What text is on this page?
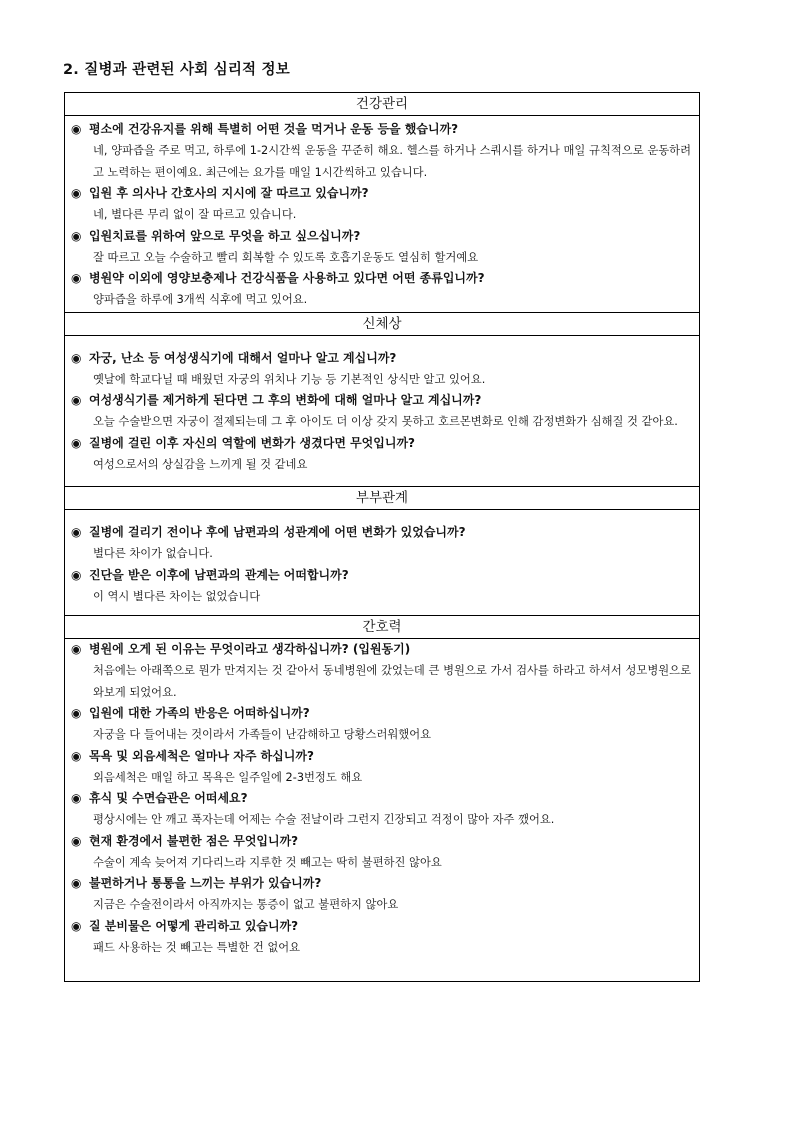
2. 질병과 관련된 사회 심리적 정보
건강관리

◉ 평소에 건강유지를 위해 특별히 어떤 것을 먹거나 운동 등을 했습니까?
네, 양파즙을 주로 먹고, 하루에 1-2시간씩 운동을 꾸준히 해요. 헬스를 하거나 스쿼시를 하거나 매일 규칙적으로 운동하려고 노력하는 편이예요. 최근에는 요가를 매일 1시간씩하고 있습니다.
◉ 입원 후 의사나 간호사의 지시에 잘 따르고 있습니까?
네, 별다른 무리 없이 잘 따르고 있습니다.
◉ 입원치료를 위하여 앞으로 무엇을 하고 싶으십니까?
잘 따르고 오늘 수술하고 빨리 회복할 수 있도록 호흡기운동도 열심히 할거예요
◉ 병원약 이외에 영양보충제나 건강식품을 사용하고 있다면 어떤 종류입니까?
양파즙을 하루에 3개씩 식후에 먹고 있어요.

신체상

◉ 자궁, 난소 등 여성생식기에 대해서 얼마나 알고 계십니까?
옛날에 학교다닐 때 배웠던 자궁의 위치나 기능 등 기본적인 상식만 알고 있어요.
◉ 여성생식기를 제거하게 된다면 그 후의 변화에 대해 얼마나 알고 계십니까?
오늘 수술받으면 자궁이 절제되는데 그 후 아이도 더 이상 갖지 못하고 호르몬변화로 인해 감정변화가 심해질 것 같아요.
◉ 질병에 걸린 이후 자신의 역할에 변화가 생겼다면 무엇입니까?
여성으로서의 상실감을 느끼게 될 것 같네요

부부관계

◉ 질병에 걸리기 전이나 후에 남편과의 성관계에 어떤 변화가 있었습니까?
별다른 차이가 없습니다.
◉ 진단을 받은 이후에 남편과의 관계는 어떠합니까?
이 역시 별다른 차이는 없었습니다

간호력

◉ 병원에 오게 된 이유는 무엇이라고 생각하십니까? (입원동기)
처음에는 아래쪽으로 뭔가 만져지는 것 같아서 동네병원에 갔었는데 큰 병원으로 가서 검사를 하라고 하셔서 성모병원으로 와보게 되었어요.
◉ 입원에 대한 가족의 반응은 어떠하십니까?
자궁을 다 들어내는 것이라서 가족들이 난감해하고 당황스러워했어요
◉ 목욕 및 외음세척은 얼마나 자주 하십니까?
외음세척은 매일 하고 목욕은 일주일에 2-3번정도 해요
◉ 휴식 및 수면습관은 어떠세요?
평상시에는 안 깨고 푹자는데 어제는 수술 전날이라 그런지 긴장되고 걱정이 많아 자주 깼어요.
◉ 현재 환경에서 불편한 점은 무엇입니까?
수술이 계속 늦어져 기다리느라 지루한 것 빼고는 딱히 불편하진 않아요
◉ 불편하거나 통통을 느끼는 부위가 있습니까?
지금은 수술전이라서 아직까지는 통증이 없고 불편하지 않아요
◉ 질 분비물은 어떻게 관리하고 있습니까?
패드 사용하는 것 빼고는 특별한 건 없어요
